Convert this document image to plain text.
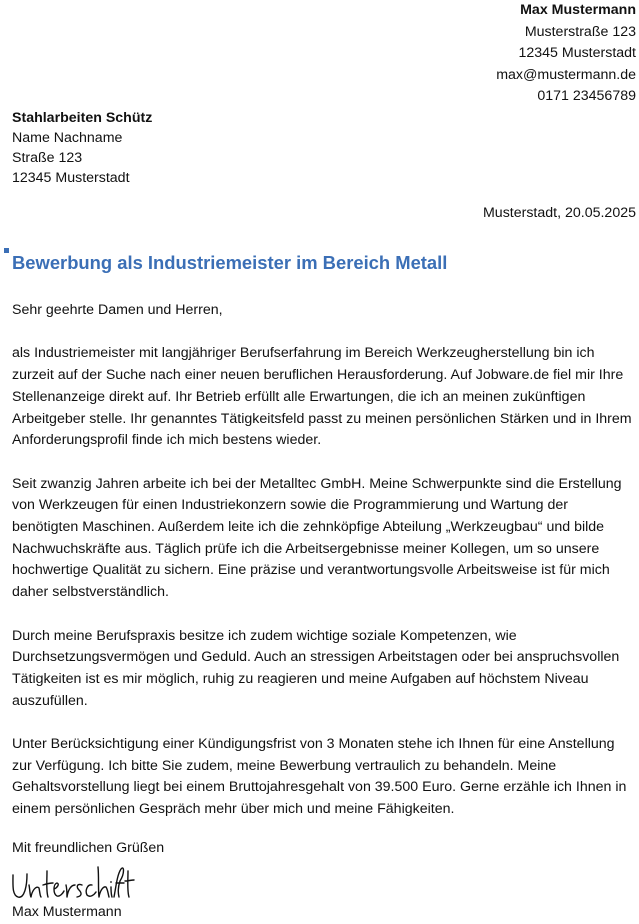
Max Mustermann
Musterstraße 123
12345 Musterstadt
max@mustermann.de
0171 23456789
Stahlarbeiten Schütz
Name Nachname
Straße 123
12345 Musterstadt
Musterstadt, 20.05.2025
Bewerbung als Industriemeister im Bereich Metall

Sehr geehrte Damen und Herren,

als Industriemeister mit langjähriger Berufserfahrung im Bereich Werkzeugherstellung bin ich zurzeit auf der Suche nach einer neuen beruflichen Herausforderung. Auf Jobware.de fiel mir Ihre Stellenanzeige direkt auf. Ihr Betrieb erfüllt alle Erwartungen, die ich an meinen zukünftigen Arbeitgeber stelle. Ihr genanntes Tätigkeitsfeld passt zu meinen persönlichen Stärken und in Ihrem Anforderungsprofil finde ich mich bestens wieder.

Seit zwanzig Jahren arbeite ich bei der Metalltec GmbH. Meine Schwerpunkte sind die Erstellung von Werkzeugen für einen Industriekonzern sowie die Programmierung und Wartung der benötigten Maschinen. Außerdem leite ich die zehnköpfige Abteilung „Werkzeugbau“ und bilde Nachwuchskräfte aus. Täglich prüfe ich die Arbeitsergebnisse meiner Kollegen, um so unsere hochwertige Qualität zu sichern. Eine präzise und verantwortungsvolle Arbeitsweise ist für mich daher selbstverständlich.

Durch meine Berufspraxis besitze ich zudem wichtige soziale Kompetenzen, wie Durchsetzungsvermögen und Geduld. Auch an stressigen Arbeitstagen oder bei anspruchsvollen Tätigkeiten ist es mir möglich, ruhig zu reagieren und meine Aufgaben auf höchstem Niveau auszufüllen.

Unter Berücksichtigung einer Kündigungsfrist von 3 Monaten stehe ich Ihnen für eine Anstellung zur Verfügung. Ich bitte Sie zudem, meine Bewerbung vertraulich zu behandeln. Meine Gehaltsvorstellung liegt bei einem Bruttojahresgehalt von 39.500 Euro. Gerne erzähle ich Ihnen in einem persönlichen Gespräch mehr über mich und meine Fähigkeiten.

Mit freundlichen Grüßen
Max Mustermann
